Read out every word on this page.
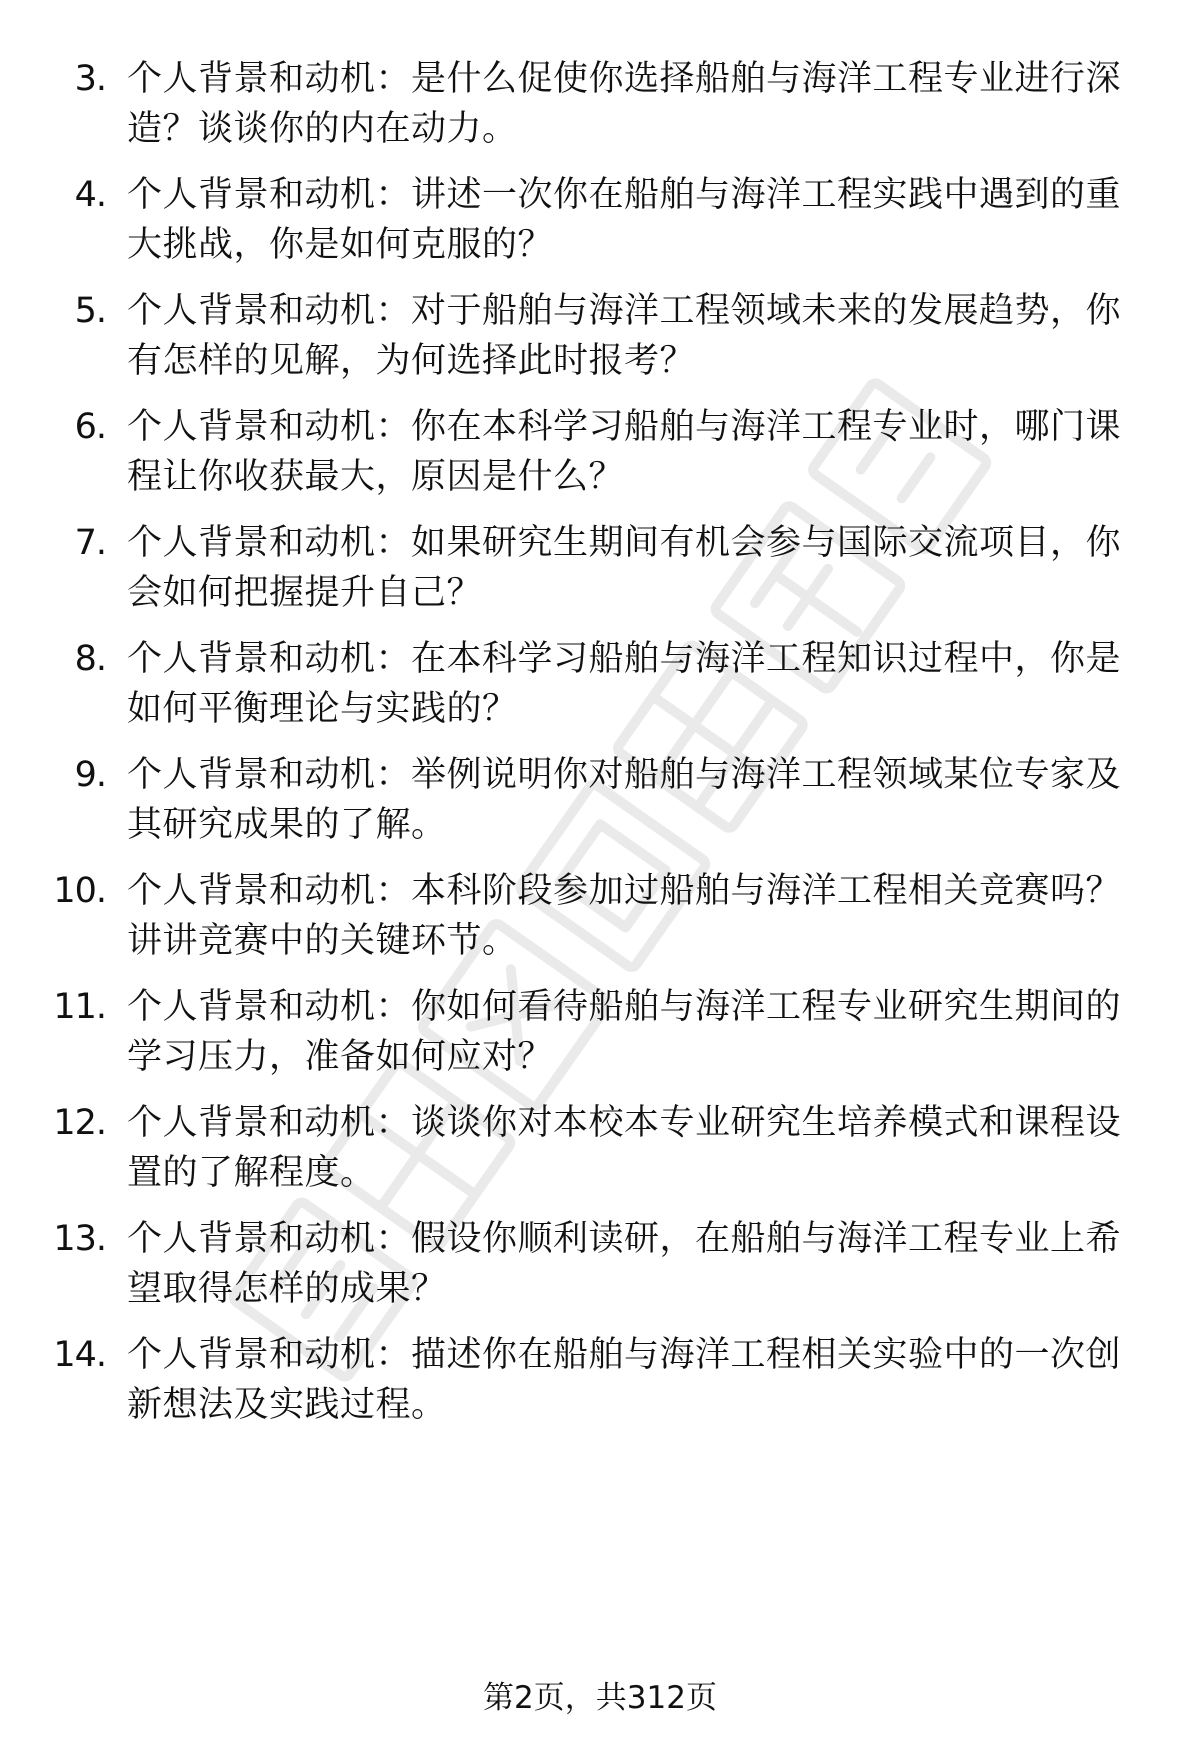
3. 个人背景和动机：是什么促使你选择船舶与海洋工程专业进行深
造？谈谈你的内在动力。
4. 个人背景和动机：讲述一次你在船舶与海洋工程实践中遇到的重
大挑战，你是如何克服的？
5. 个人背景和动机：对于船舶与海洋工程领域未来的发展趋势，你
有怎样的见解，为何选择此时报考？
6. 个人背景和动机：你在本科学习船舶与海洋工程专业时，哪门课
程让你收获最大，原因是什么？
7. 个人背景和动机：如果研究生期间有机会参与国际交流项目，你
会如何把握提升自己？
8. 个人背景和动机：在本科学习船舶与海洋工程知识过程中，你是
如何平衡理论与实践的？
9. 个人背景和动机：举例说明你对船舶与海洋工程领域某位专家及
其研究成果的了解。
10. 个人背景和动机：本科阶段参加过船舶与海洋工程相关竞赛吗？
讲讲竞赛中的关键环节。
11. 个人背景和动机：你如何看待船舶与海洋工程专业研究生期间的
学习压力，准备如何应对？
12. 个人背景和动机：谈谈你对本校本专业研究生培养模式和课程设
置的了解程度。
13. 个人背景和动机：假设你顺利读研，在船舶与海洋工程专业上希
望取得怎样的成果？
14. 个人背景和动机：描述你在船舶与海洋工程相关实验中的一次创
新想法及实践过程。
第2页，共312页
